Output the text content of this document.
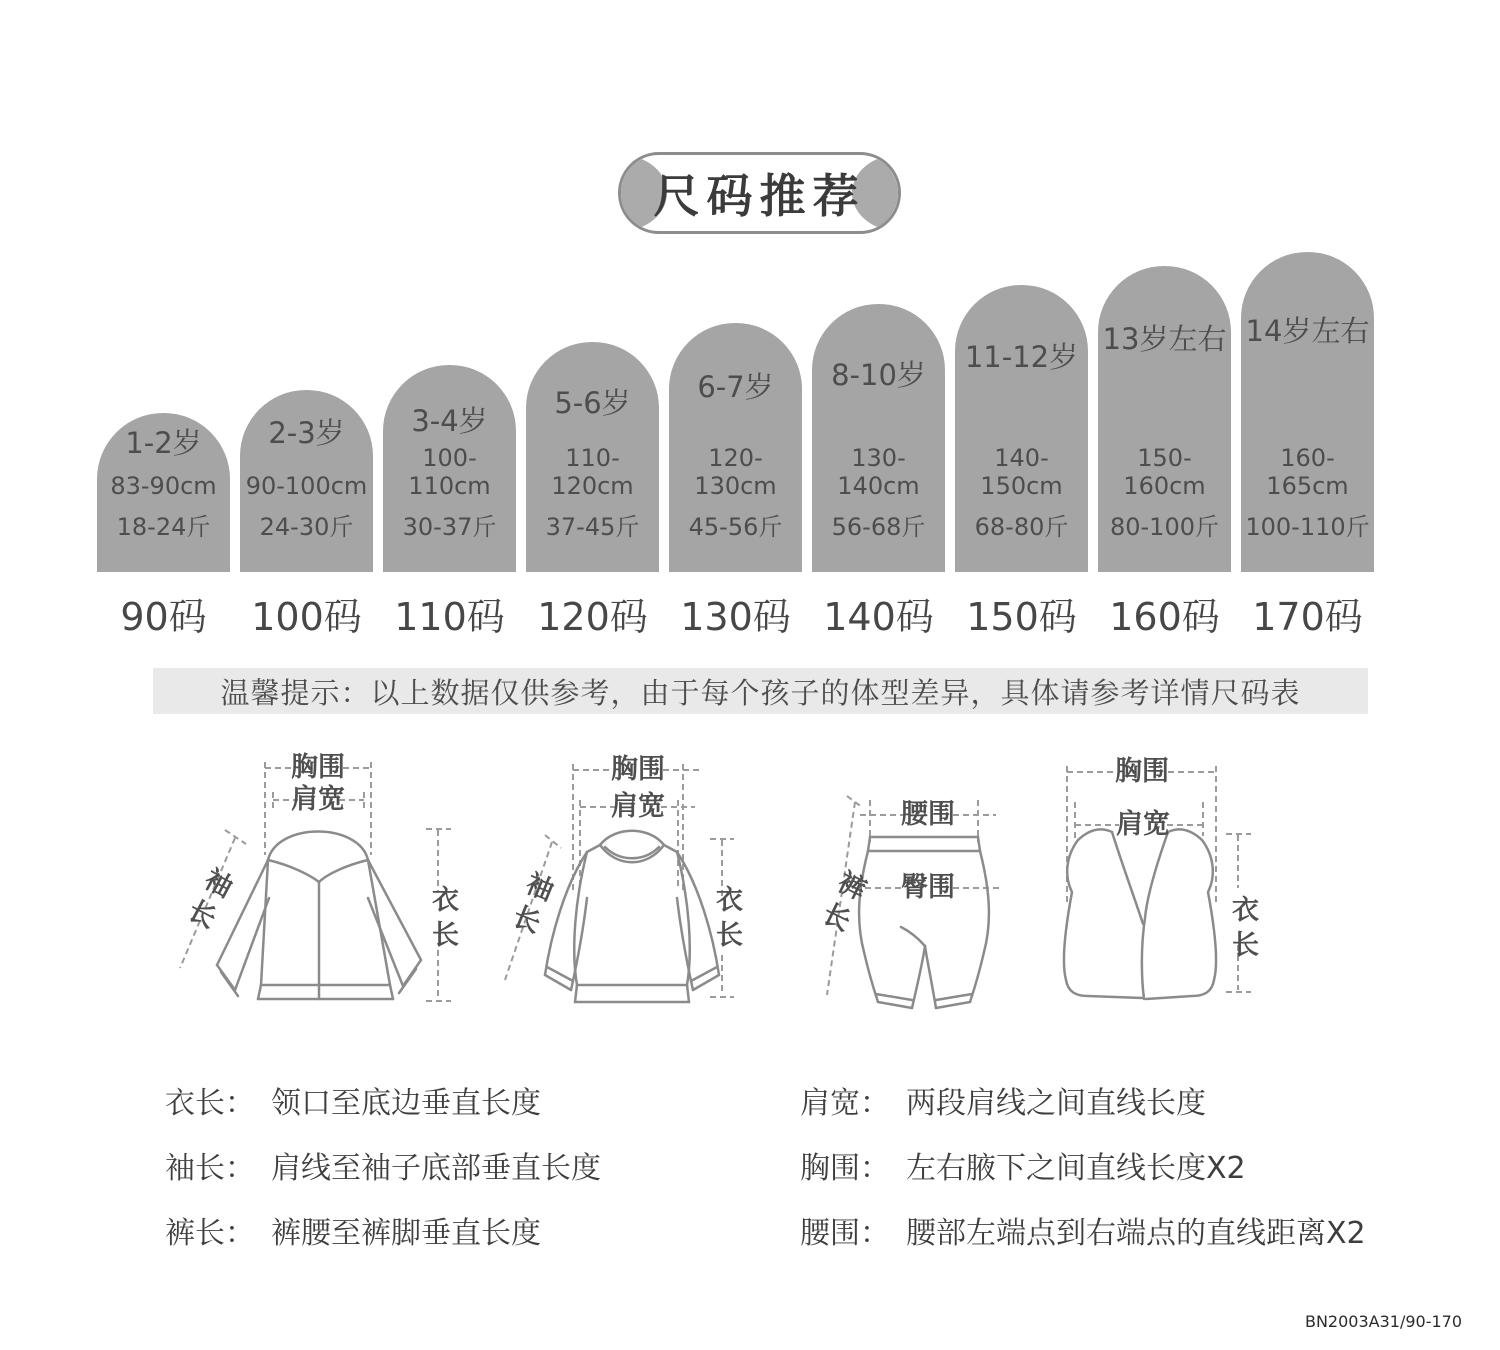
尺码推荐
1-2岁
83-90cm
18-24斤
90码
2-3岁
90-100cm
24-30斤
100码
3-4岁
100-110cm
30-37斤
110码
5-6岁
110-120cm
37-45斤
120码
6-7岁
120-130cm
45-56斤
130码
8-10岁
130-140cm
56-68斤
140码
11-12岁
140-150cm
68-80斤
150码
13岁左右
150-160cm
80-100斤
160码
14岁左右
160-165cm
100-110斤
170码
温馨提示：以上数据仅供参考，由于每个孩子的体型差异，具体请参考详情尺码表
胸围
肩宽
袖长	衣长
胸围
肩宽
袖长	衣长
腰围
臀围
裤长
胸围
肩宽
衣长
衣长： 领口至底边垂直长度
袖长： 肩线至袖子底部垂直长度
裤长： 裤腰至裤脚垂直长度
肩宽： 两段肩线之间直线长度
胸围： 左右腋下之间直线长度X2
腰围： 腰部左端点到右端点的直线距离X2
BN2003A31/90-170
